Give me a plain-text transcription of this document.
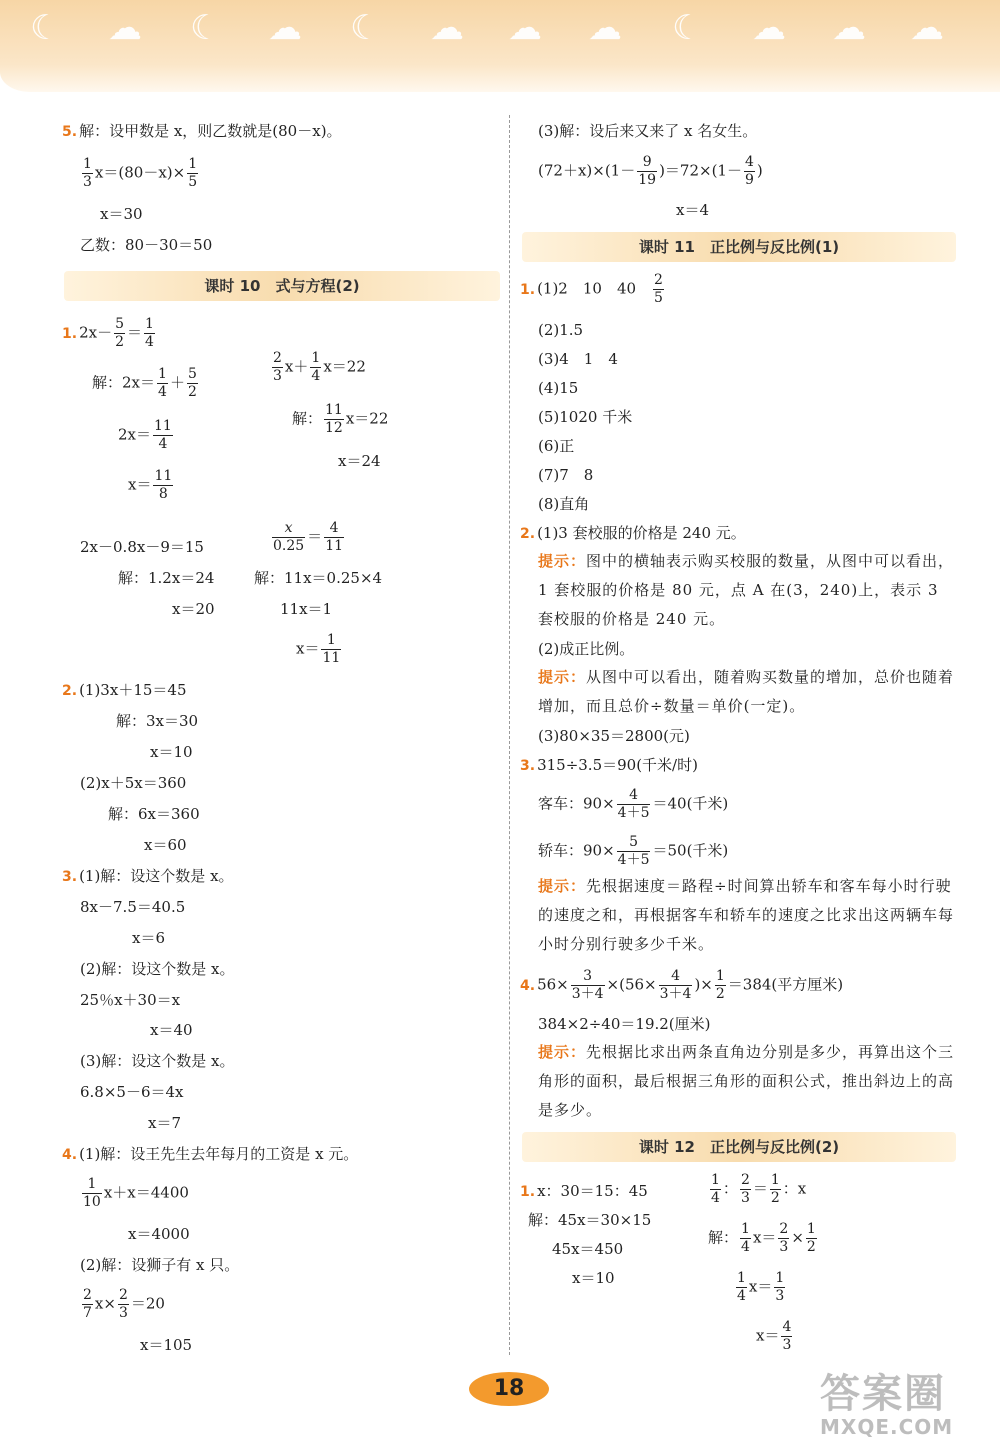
☾ ☁ ☾ ☁ ☾ ☁ ☁ ☁ ☾ ☁ ☁ ☁
5. 解：设甲数是 x，则乙数就是(80－x)。
$\frac{1}{3} x=(80-x)\times \frac{1}{5}$
x＝30
乙数：80－30＝50
课时 10　式与方程(2)
1. $2x- \frac{5}{2} = \frac{1}{4}$
解：$2x= \frac{1}{4} + \frac{5}{2}$
$2x= \frac{11}{4}$
$x= \frac{11}{8}$
$\frac{2}{3} x+ \frac{1}{4} x=22$
解： $\frac{11}{12} x=22$
x＝24
2x－0.8x－9＝15
解：1.2x＝24
x＝20
$\frac{x}{0.25} = \frac{4}{11}$
解：11x＝0.25×4
11x＝1
$x= \frac{1}{11}$
2. (1)3x＋15＝45
解：3x＝30
x＝10
(2)x＋5x＝360
解：6x＝360
x＝60
3. (1)解：设这个数是 x。
8x－7.5＝40.5
x＝6
(2)解：设这个数是 x。
25％x＋30＝x
x＝40
(3)解：设这个数是 x。
6.8×5－6＝4x
x＝7
4. (1)解：设王先生去年每月的工资是 x 元。
$\frac{1}{10} x+x=4400$
x＝4000
(2)解：设狮子有 x 只。
$\frac{2}{7} x\times \frac{2}{3} =20$
x＝105
(3)解：设后来又来了 x 名女生。
$(72+x)\times(1- \frac{9}{19} )=72\times(1- \frac{4}{9}$ )
x＝4
课时 11　正比例与反比例(1)
1. (1)2　10　40　 $\frac{2}{5}$
(2)1.5
(3)4　1　4
(4)15
(5)1020 千米
(6)正
(7)7　8
(8)直角
2. (1)3 套校服的价格是 240 元。
提示：图中的横轴表示购买校服的数量，从图中可以看出，1 套校服的价格是 80 元，点 A 在(3，240)上，表示 3 套校服的价格是 240 元。
(2)成正比例。
提示：从图中可以看出，随着购买数量的增加，总价也随着增加，而且总价÷数量＝单价(一定)。
(3)80×35＝2800(元)
3. 315÷3.5＝90(千米/时)
客车：$90\times \frac{4}{4+5} =40$(千米)
轿车：$90\times \frac{5}{4+5} =50$(千米)
提示：先根据速度＝路程÷时间算出轿车和客车每小时行驶的速度之和，再根据客车和轿车的速度之比求出这两辆车每小时分别行驶多少千米。
4. $56\times \frac{3}{3+4} \times(56\times \frac{4}{3+4}$ )× $\frac{1}{2} =384$(平方厘米)
384×2÷40＝19.2(厘米)
提示：先根据比求出两条直角边分别是多少，再算出这个三角形的面积，最后根据三角形的面积公式，推出斜边上的高是多少。
课时 12　正比例与反比例(2)
1. x：30＝15：45
解：45x＝30×15
45x＝450
x＝10
$\frac{1}{4}$ ： $\frac{2}{3} = \frac{1}{2}$ ：x
解： $\frac{1}{4} x= \frac{2}{3} \times \frac{1}{2}$
$\frac{1}{4} x= \frac{1}{3}$
$x= \frac{4}{3}$
18	答案圈
MXQE.COM
